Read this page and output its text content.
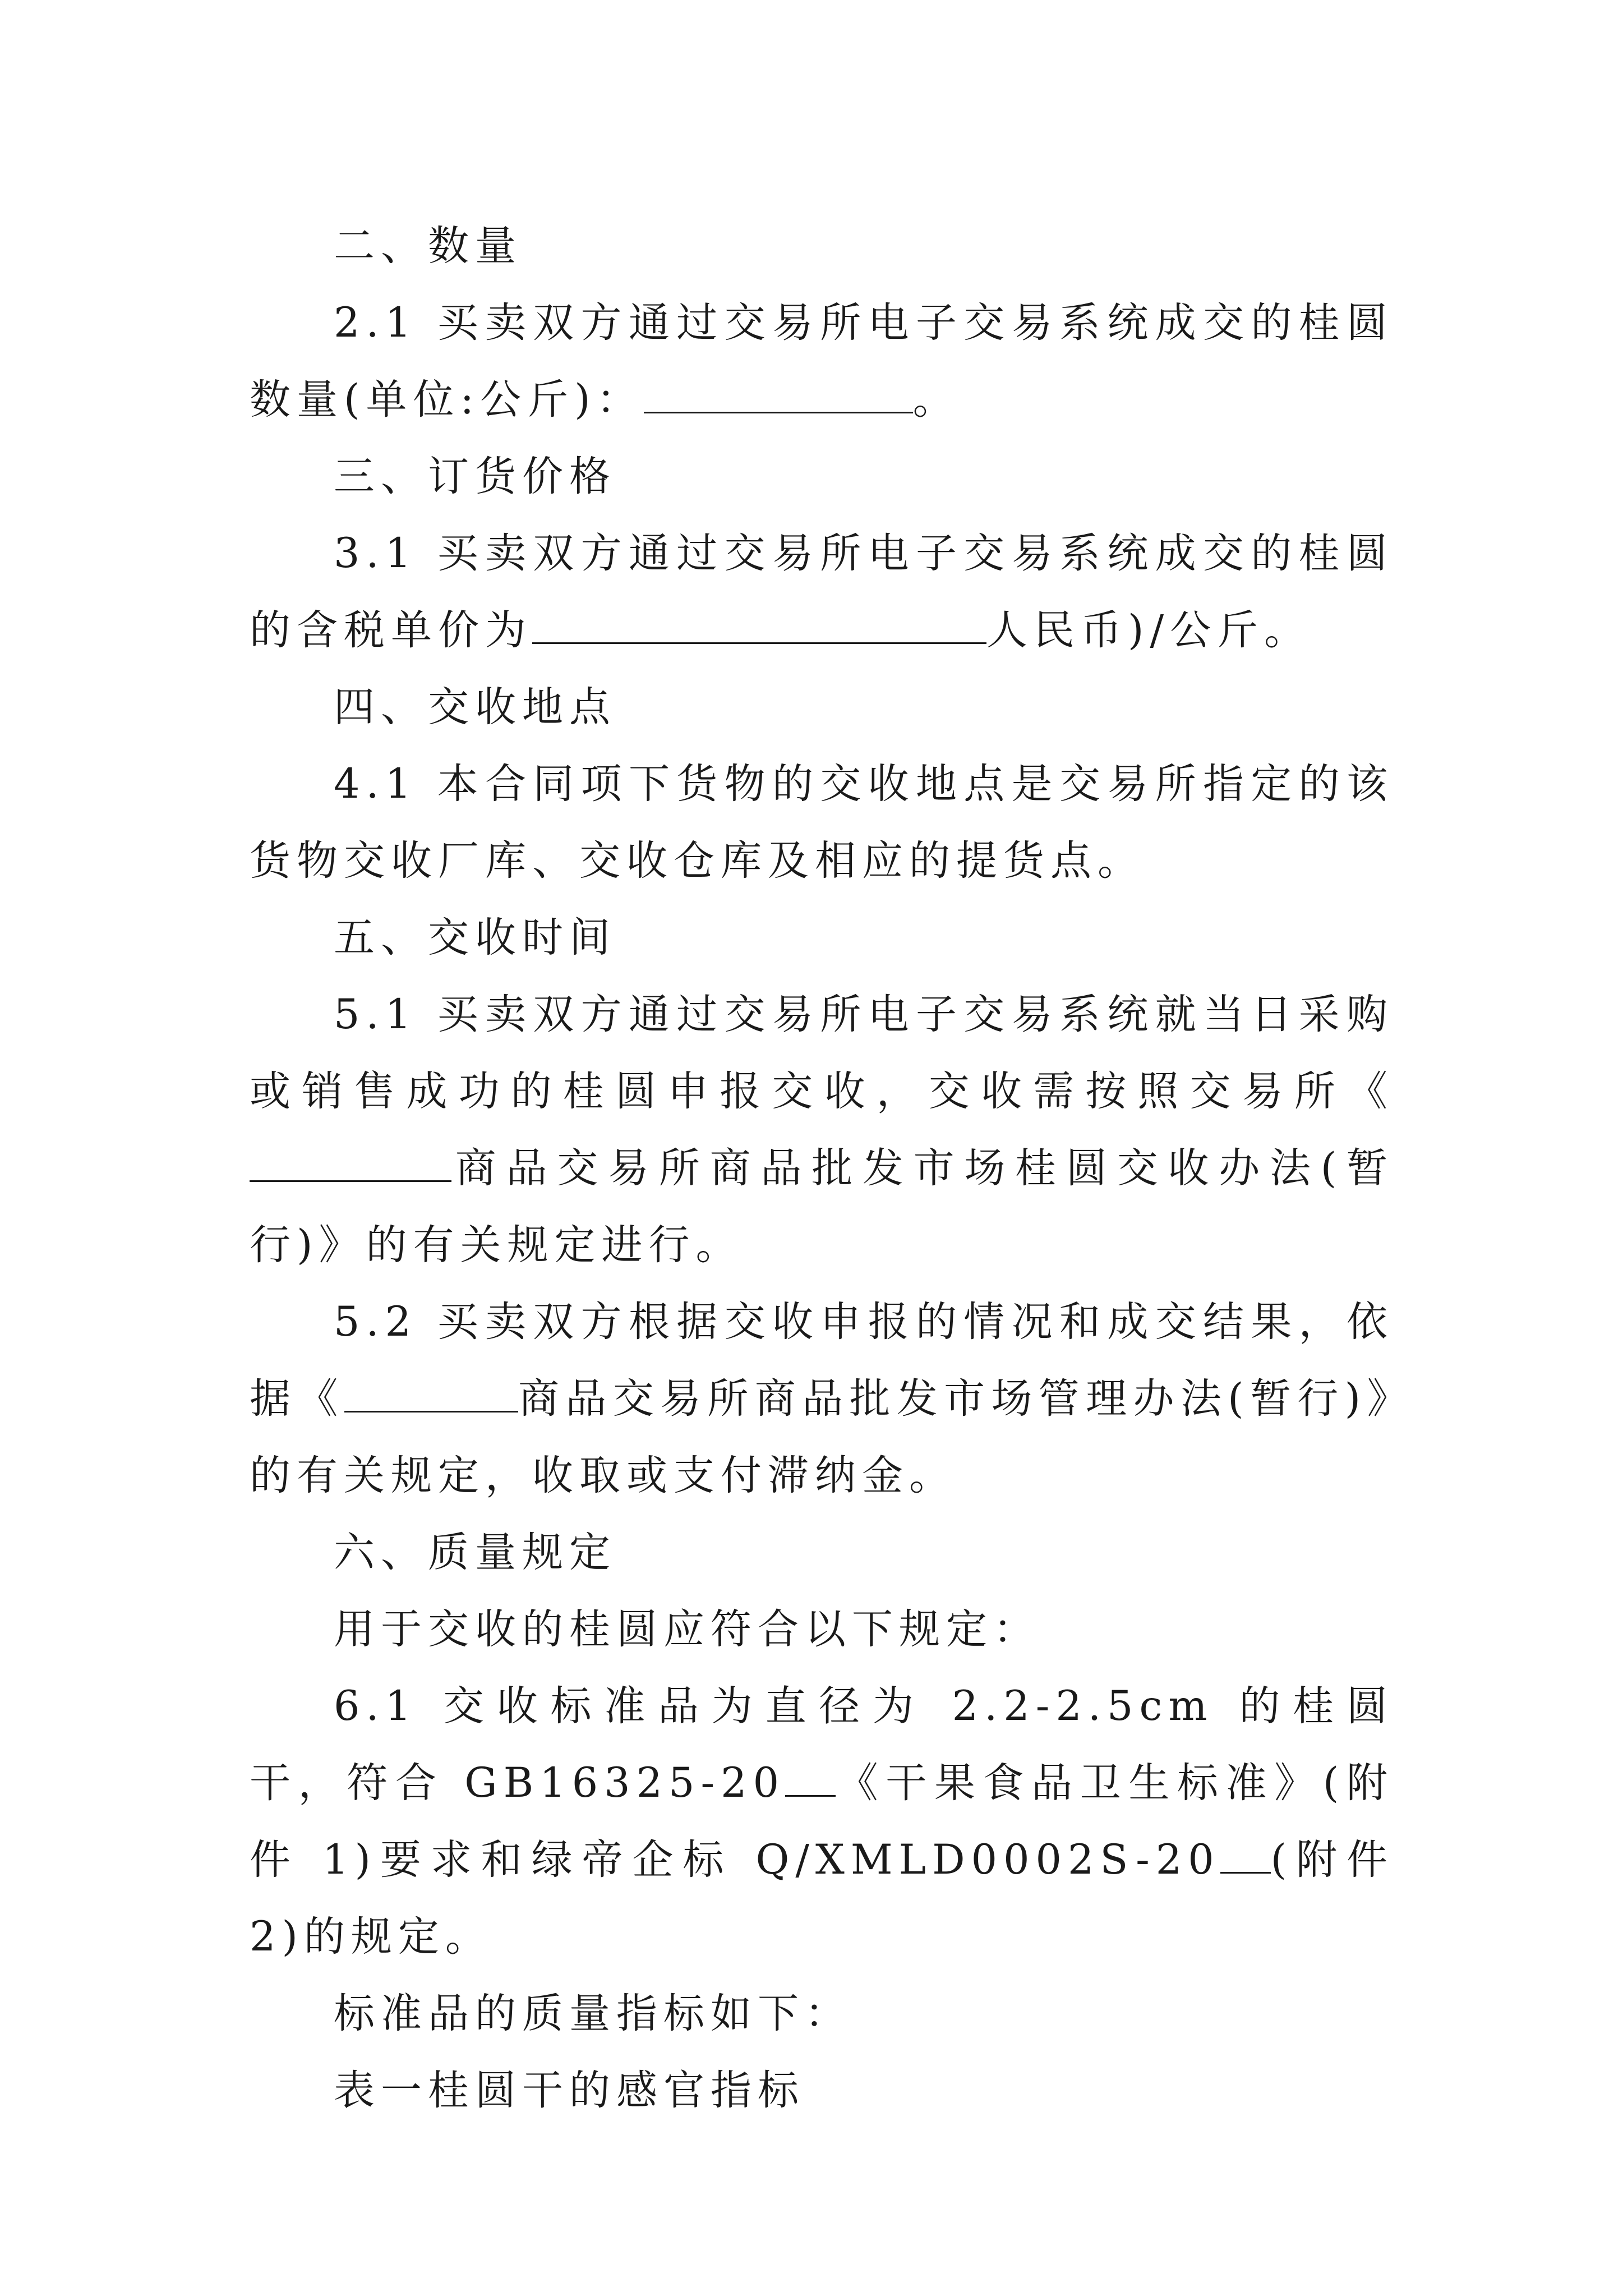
二、数量

2.1 买卖双方通过交易所电子交易系统成交的桂圆数量(单位:公斤)：	。

三、订货价格

3.1 买卖双方通过交易所电子交易系统成交的桂圆的含税单价为	人民币)/公斤。

四、交收地点

4.1 本合同项下货物的交收地点是交易所指定的该货物交收厂库、交收仓库及相应的提货点。

五、交收时间

5.1 买卖双方通过交易所电子交易系统就当日采购或销售成功的桂圆申报交收，交收需按照交易所《商品交易所商品批发市场桂圆交收办法(暂行)》的有关规定进行。

5.2 买卖双方根据交收申报的情况和成交结果，依据《	商品交易所商品批发市场管理办法(暂行)》的有关规定，收取或支付滞纳金。

六、质量规定

用于交收的桂圆应符合以下规定：

6.1 交收标准品为直径为 2.2-2.5cm 的桂圆干，符合 GB16325-20 《干果食品卫生标准》(附件 1)要求和绿帝企标 Q/XMLD0002S-20 (附件 2)的规定。

标准品的质量指标如下：

表一桂圆干的感官指标
